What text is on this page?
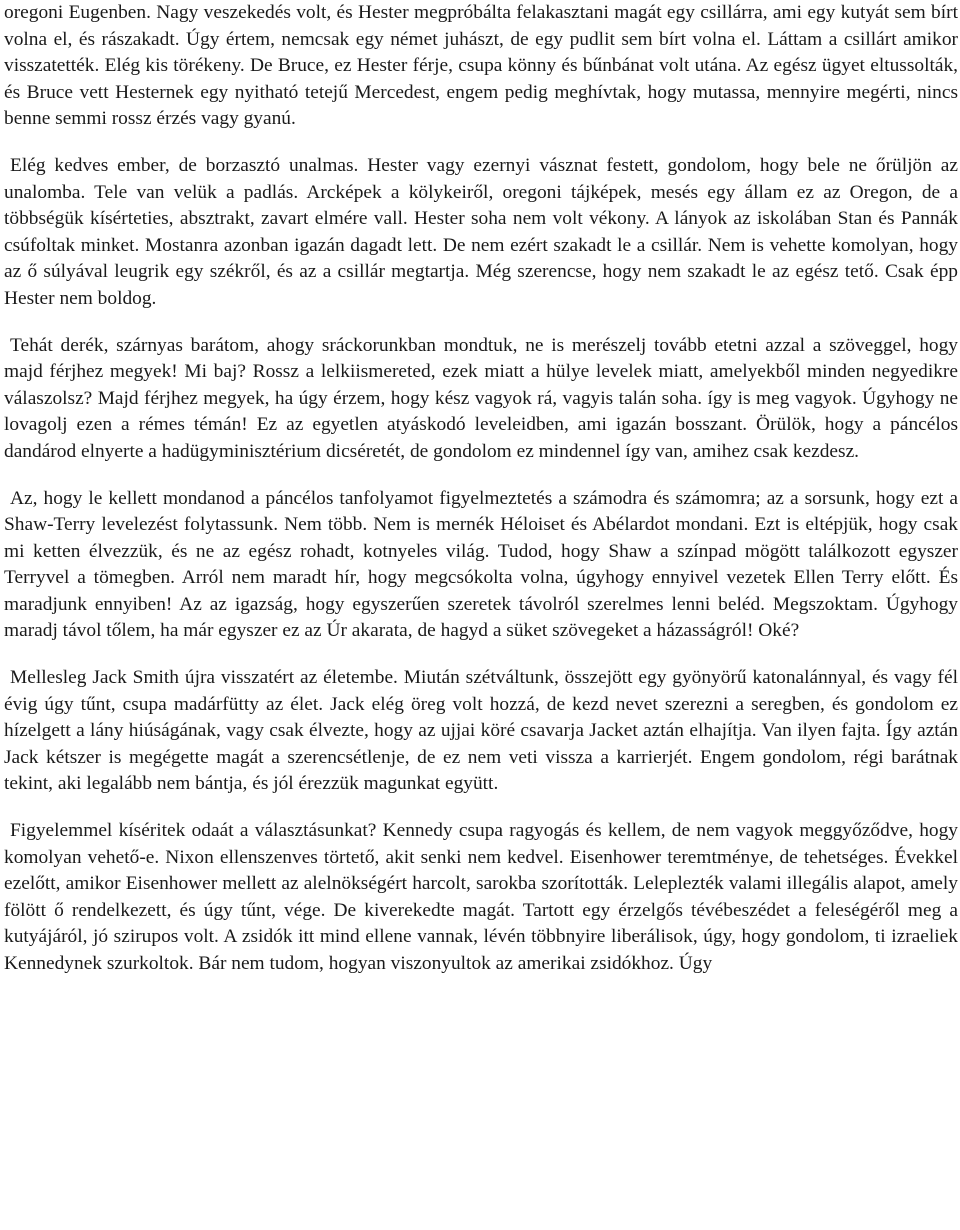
oregoni Eugenben. Nagy veszekedés volt, és Hester megpróbálta felakasztani magát egy csillárra, ami egy kutyát sem bírt volna el, és rászakadt. Úgy értem, nemcsak egy német juhászt, de egy pudlit sem bírt volna el. Láttam a csillárt amikor visszatették. Elég kis törékeny. De Bruce, ez Hester férje, csupa könny és bűnbánat volt utána. Az egész ügyet eltussolták, és Bruce vett Hesternek egy nyitható tetejű Mercedest, engem pedig meghívtak, hogy mutassa, mennyire megérti, nincs benne semmi rossz érzés vagy gyanú.

Elég kedves ember, de borzasztó unalmas. Hester vagy ezernyi vásznat festett, gondolom, hogy bele ne őrüljön az unalomba. Tele van velük a padlás. Arcképek a kölykeiről, oregoni tájképek, mesés egy állam ez az Oregon, de a többségük kísérteties, absztrakt, zavart elmére vall. Hester soha nem volt vékony. A lányok az iskolában Stan és Pannák csúfoltak minket. Mostanra azonban igazán dagadt lett. De nem ezért szakadt le a csillár. Nem is vehette komolyan, hogy az ő súlyával leugrik egy székről, és az a csillár megtartja. Még szerencse, hogy nem szakadt le az egész tető. Csak épp Hester nem boldog.

Tehát derék, szárnyas barátom, ahogy sráckorunkban mondtuk, ne is merészelj tovább etetni azzal a szöveggel, hogy majd férjhez megyek! Mi baj? Rossz a lelkiismereted, ezek miatt a hülye levelek miatt, amelyekből minden negyedikre válaszolsz? Majd férjhez megyek, ha úgy érzem, hogy kész vagyok rá, vagyis talán soha. így is meg vagyok. Úgyhogy ne lovagolj ezen a rémes témán! Ez az egyetlen atyáskodó leveleidben, ami igazán bosszant. Örülök, hogy a páncélos dandárod elnyerte a hadügyminisztérium dicséretét, de gondolom ez mindennel így van, amihez csak kezdesz.

Az, hogy le kellett mondanod a páncélos tanfolyamot figyelmeztetés a számodra és számomra; az a sorsunk, hogy ezt a Shaw-Terry levelezést folytassunk. Nem több. Nem is mernék Héloiset és Abélardot mondani. Ezt is eltépjük, hogy csak mi ketten élvezzük, és ne az egész rohadt, kotnyeles világ. Tudod, hogy Shaw a színpad mögött találkozott egyszer Terryvel a tömegben. Arról nem maradt hír, hogy megcsókolta volna, úgyhogy ennyivel vezetek Ellen Terry előtt. És maradjunk ennyiben! Az az igazság, hogy egyszerűen szeretek távolról szerelmes lenni beléd. Megszoktam. Úgyhogy maradj távol tőlem, ha már egyszer ez az Úr akarata, de hagyd a süket szövegeket a házasságról! Oké?

Mellesleg Jack Smith újra visszatért az életembe. Miután szétváltunk, összejött egy gyönyörű katonalánnyal, és vagy fél évig úgy tűnt, csupa madárfütty az élet. Jack elég öreg volt hozzá, de kezd nevet szerezni a seregben, és gondolom ez hízelgett a lány hiúságának, vagy csak élvezte, hogy az ujjai köré csavarja Jacket aztán elhajítja. Van ilyen fajta. Így aztán Jack kétszer is megégette magát a szerencsétlenje, de ez nem veti vissza a karrierjét. Engem gondolom, régi barátnak tekint, aki legalább nem bántja, és jól érezzük magunkat együtt.

Figyelemmel kíséritek odaát a választásunkat? Kennedy csupa ragyogás és kellem, de nem vagyok meggyőződve, hogy komolyan vehető-e. Nixon ellenszenves törtető, akit senki nem kedvel. Eisenhower teremtménye, de tehetséges. Évekkel ezelőtt, amikor Eisenhower mellett az alelnökségért harcolt, sarokba szorították. Leleplezték valami illegális alapot, amely fölött ő rendelkezett, és úgy tűnt, vége. De kiverekedte magát. Tartott egy érzelgős tévébeszédet a feleségéről meg a kutyájáról, jó szirupos volt. A zsidók itt mind ellene vannak, lévén többnyire liberálisok, úgy, hogy gondolom, ti izraeliek Kennedynek szurkoltok. Bár nem tudom, hogyan viszonyultok az amerikai zsidókhoz. Úgy
